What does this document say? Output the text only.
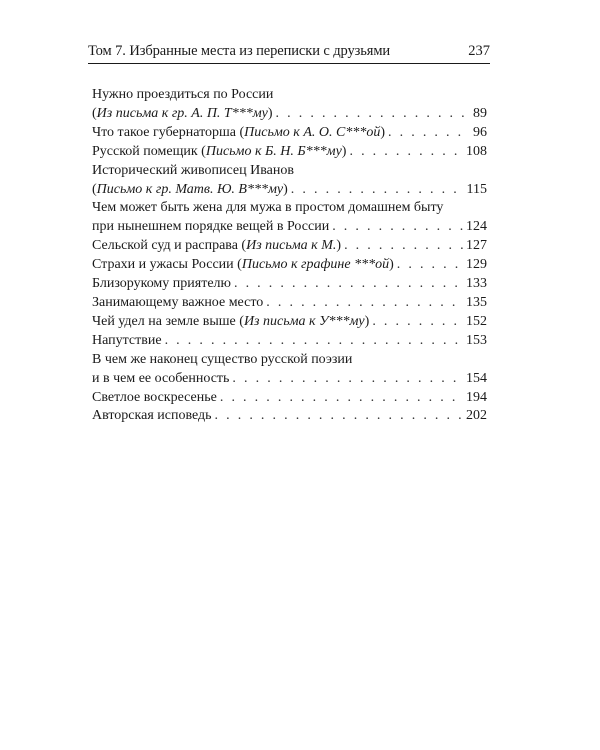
Том 7. Избранные места из переписки с друзьями	237
Нужно проездиться по России
(Из письма к гр. А. П. Т***му) . . .	89
Что такое губернаторша (Письмо к А. О. С***ой) . . .	96
Русской помещик (Письмо к Б. Н. Б***му) . . .	108
Исторический живописец Иванов
(Письмо к гр. Матв. Ю. В***му) . . .	115
Чем может быть жена для мужа в простом домашнем быту
при нынешнем порядке вещей в России . . .	124
Сельской суд и расправа (Из письма к М.) . . .	127
Страхи и ужасы России (Письмо к графине ***ой) . . .	129
Близорукому приятелю . . .	133
Занимающему важное место . . .	135
Чей удел на земле выше (Из письма к У***му) . . .	152
Напутствие . . .	153
В чем же наконец существо русской поэзии
и в чем ее особенность . . .	154
Светлое воскресенье . . .	194
Авторская исповедь . . .	202
